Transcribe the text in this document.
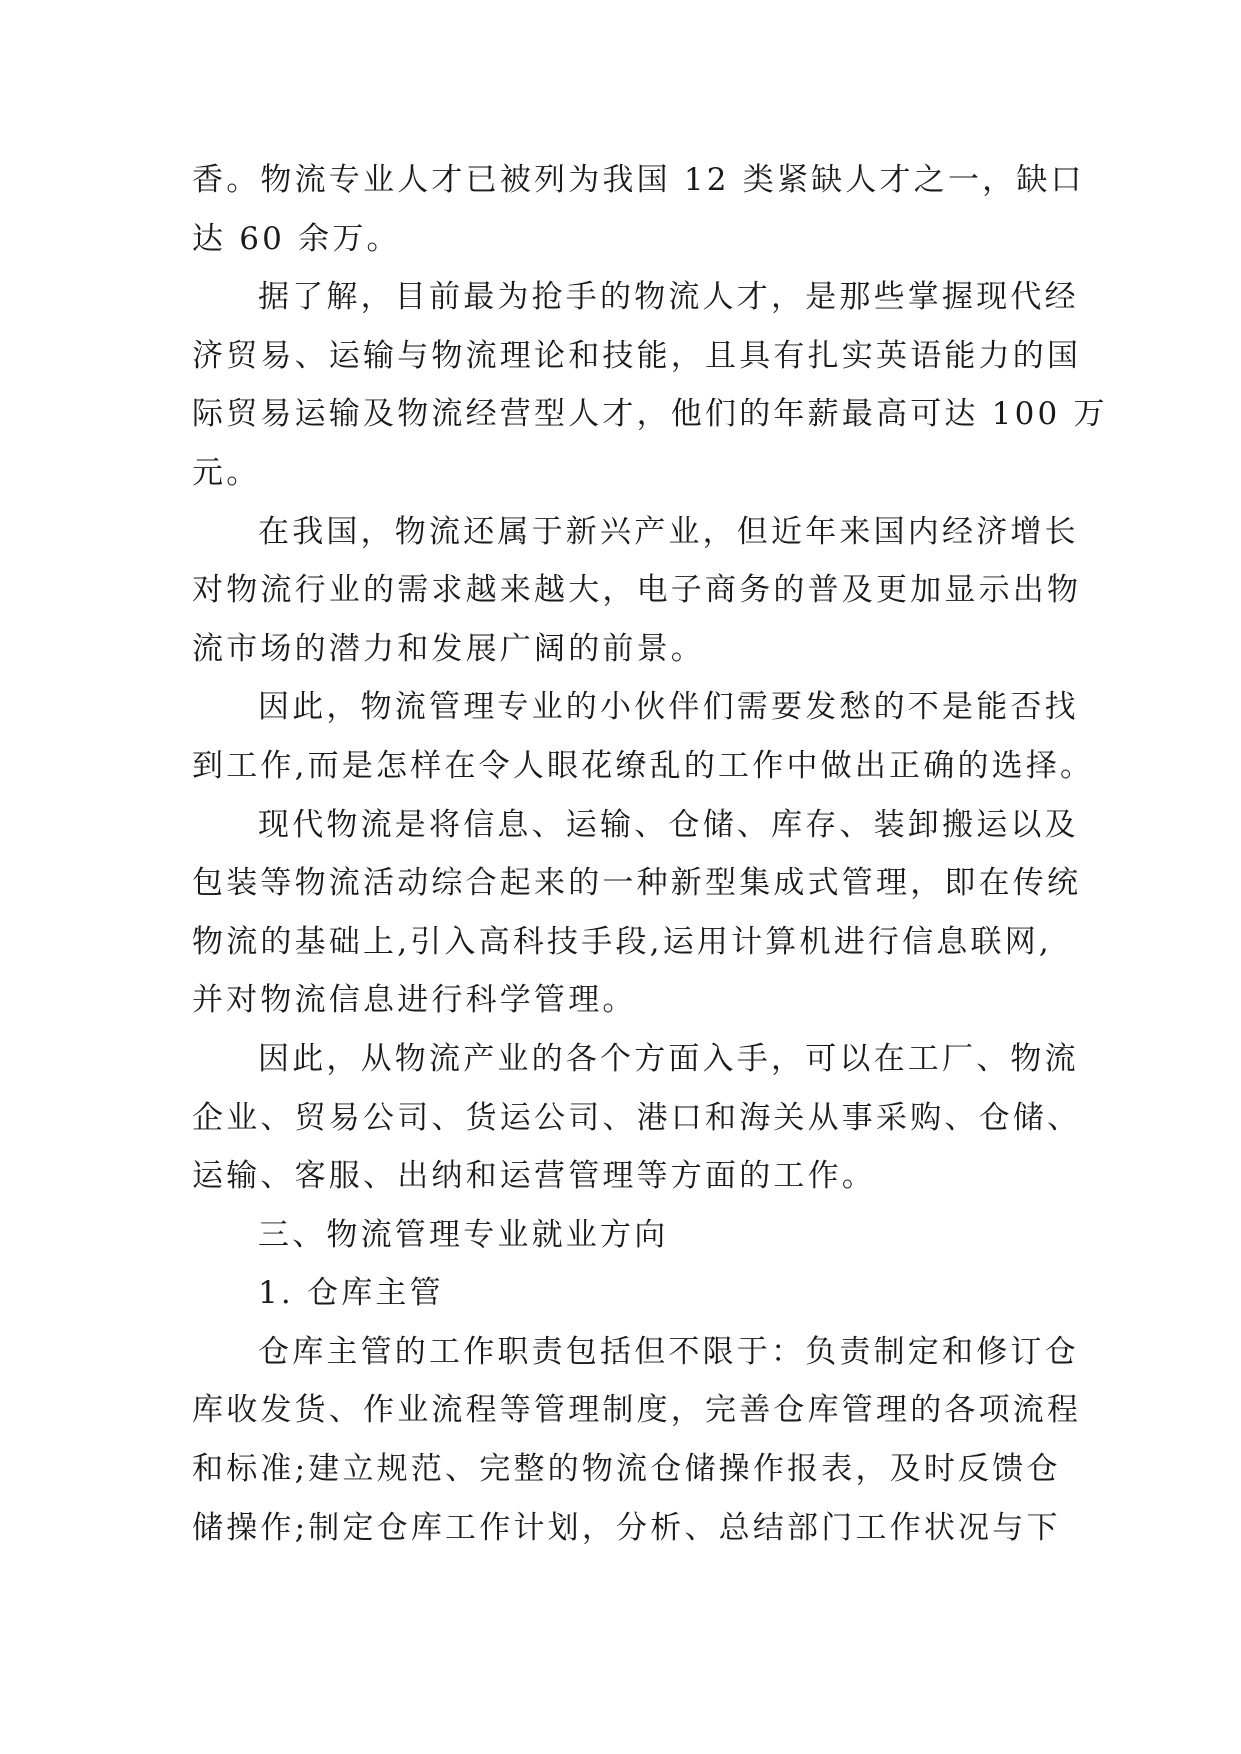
香。物流专业人才已被列为我国 12 类紧缺人才之一，缺口
达 60 余万。
据了解，目前最为抢手的物流人才，是那些掌握现代经
济贸易、运输与物流理论和技能，且具有扎实英语能力的国
际贸易运输及物流经营型人才，他们的年薪最高可达 100 万
元。
在我国，物流还属于新兴产业，但近年来国内经济增长
对物流行业的需求越来越大，电子商务的普及更加显示出物
流市场的潜力和发展广阔的前景。
因此，物流管理专业的小伙伴们需要发愁的不是能否找
到工作,而是怎样在令人眼花缭乱的工作中做出正确的选择。
现代物流是将信息、运输、仓储、库存、装卸搬运以及
包装等物流活动综合起来的一种新型集成式管理，即在传统
物流的基础上,引入高科技手段,运用计算机进行信息联网,
并对物流信息进行科学管理。
因此，从物流产业的各个方面入手，可以在工厂、物流
企业、贸易公司、货运公司、港口和海关从事采购、仓储、
运输、客服、出纳和运营管理等方面的工作。
三、物流管理专业就业方向
1. 仓库主管
仓库主管的工作职责包括但不限于：负责制定和修订仓
库收发货、作业流程等管理制度，完善仓库管理的各项流程
和标准;建立规范、完整的物流仓储操作报表，及时反馈仓
储操作;制定仓库工作计划，分析、总结部门工作状况与下
